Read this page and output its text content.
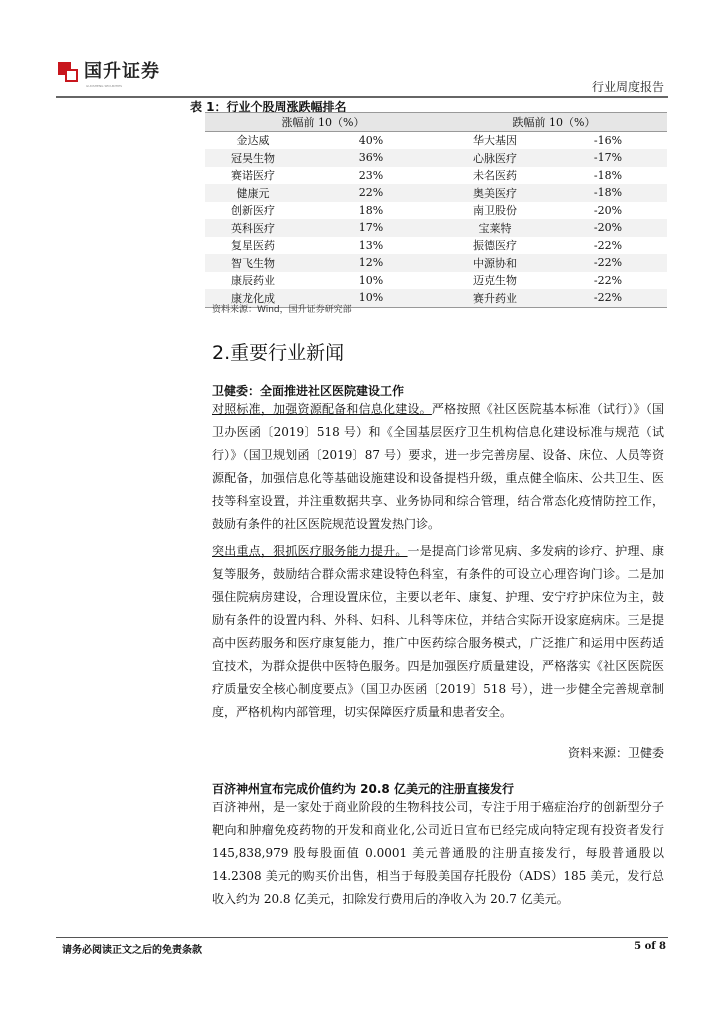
国升证券
GUOSHENG SECURITIES	行业周度报告
表 1：行业个股周涨跌幅排名
涨幅前 10（%）		跌幅前 10（%）	
金达威	40%	华大基因	-16%
冠昊生物	36%	心脉医疗	-17%
赛诺医疗	23%	未名医药	-18%
健康元	22%	奥美医疗	-18%
创新医疗	18%	南卫股份	-20%
英科医疗	17%	宝莱特	-20%
复星医药	13%	振德医疗	-22%
智飞生物	12%	中源协和	-22%
康辰药业	10%	迈克生物	-22%
康龙化成	10%	赛升药业	-22%
资料来源：Wind，国升证券研究部
2.重要行业新闻
卫健委：全面推进社区医院建设工作
对照标准，加强资源配备和信息化建设。严格按照《社区医院基本标准（试行）》（国卫办医函〔2019〕518 号）和《全国基层医疗卫生机构信息化建设标准与规范（试行）》（国卫规划函〔2019〕87 号）要求，进一步完善房屋、设备、床位、人员等资源配备，加强信息化等基础设施建设和设备提档升级，重点健全临床、公共卫生、医技等科室设置，并注重数据共享、业务协同和综合管理，结合常态化疫情防控工作，鼓励有条件的社区医院规范设置发热门诊。
突出重点，狠抓医疗服务能力提升。一是提高门诊常见病、多发病的诊疗、护理、康复等服务，鼓励结合群众需求建设特色科室，有条件的可设立心理咨询门诊。二是加强住院病房建设，合理设置床位，主要以老年、康复、护理、安宁疗护床位为主，鼓励有条件的设置内科、外科、妇科、儿科等床位，并结合实际开设家庭病床。三是提高中医药服务和医疗康复能力，推广中医药综合服务模式，广泛推广和运用中医药适宜技术，为群众提供中医特色服务。四是加强医疗质量建设，严格落实《社区医院医疗质量安全核心制度要点》（国卫办医函〔2019〕518 号），进一步健全完善规章制度，严格机构内部管理，切实保障医疗质量和患者安全。
资料来源：卫健委
百济神州宣布完成价值约为 20.8 亿美元的注册直接发行
百济神州，是一家处于商业阶段的生物科技公司，专注于用于癌症治疗的创新型分子靶向和肿瘤免疫药物的开发和商业化,公司近日宣布已经完成向特定现有投资者发行 145,838,979 股每股面值 0.0001 美元普通股的注册直接发行，每股普通股以 14.2308 美元的购买价出售，相当于每股美国存托股份（ADS）185 美元，发行总收入约为 20.8 亿美元，扣除发行费用后的净收入为 20.7 亿美元。
请务必阅读正文之后的免责条款	5 of 8
